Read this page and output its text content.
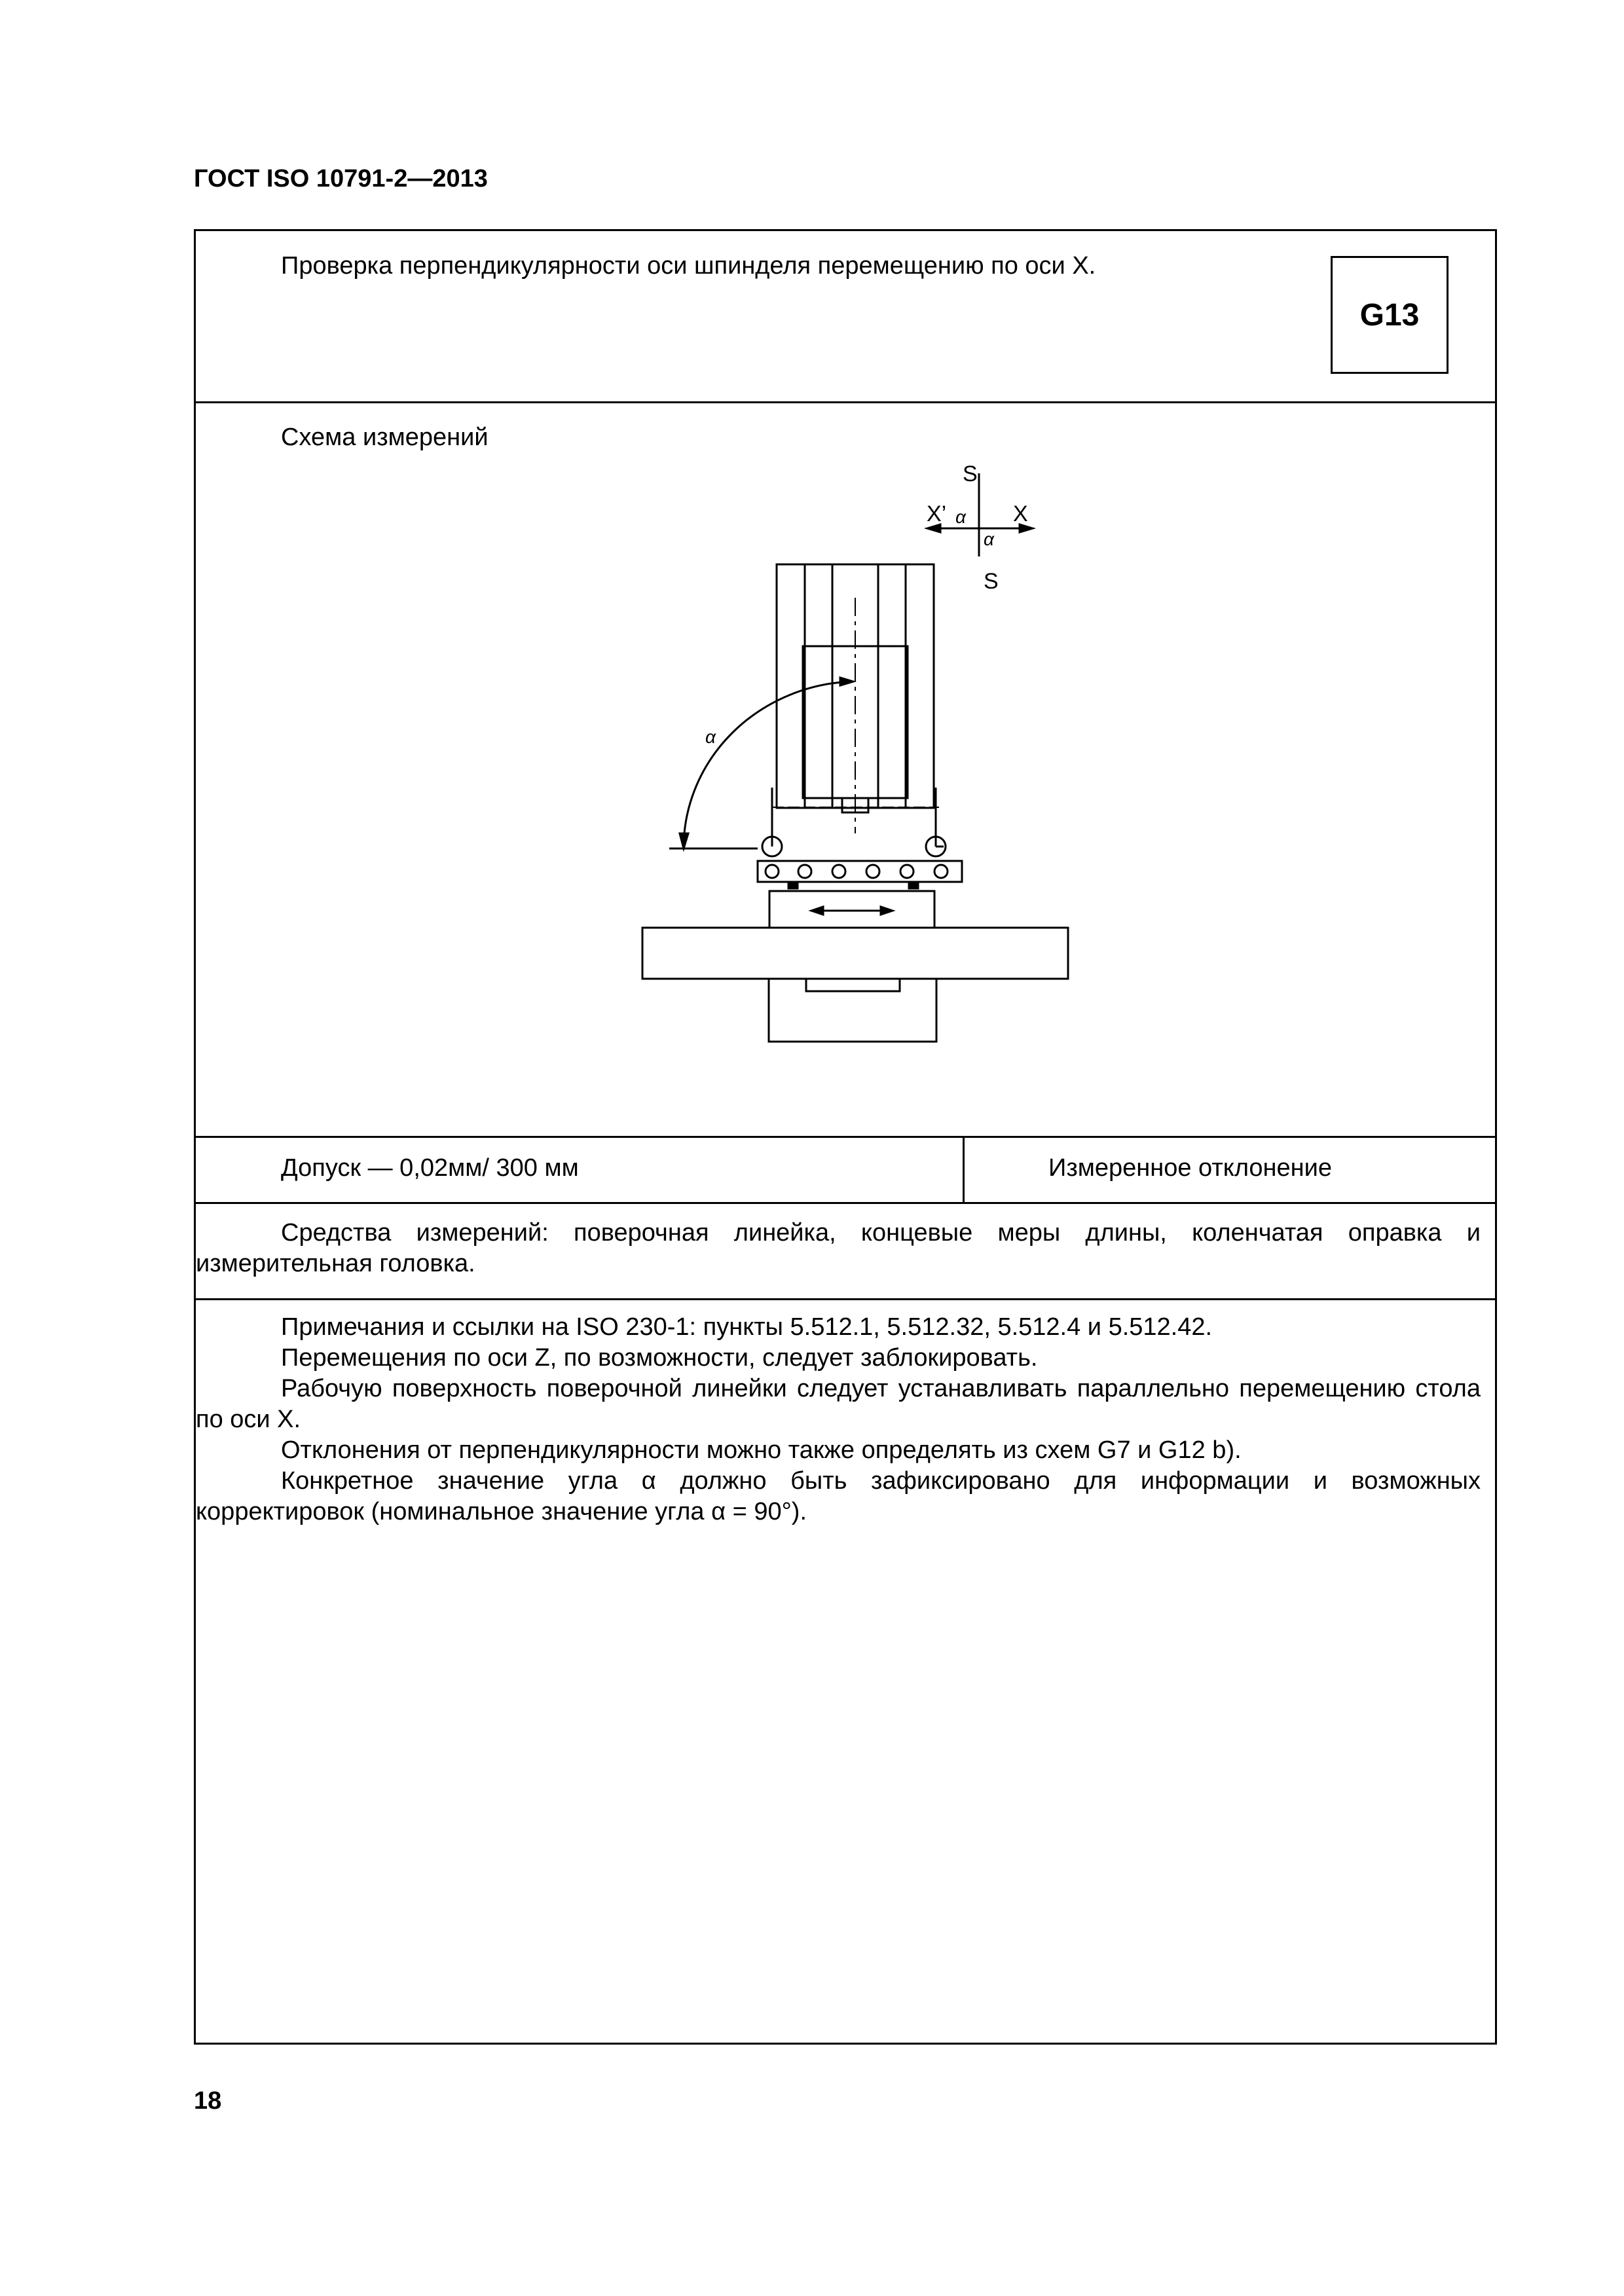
ГОСТ ISO 10791-2—2013
Проверка перпендикулярности оси шпинделя перемещению по оси X.
G13
Схема измерений
S
S
X’	X
α
α
α
Допуск — 0,02мм/ 300 мм	Измеренное отклонение

Средства измерений: поверочная линейка, концевые меры длины, коленчатая оправка и измерительная головка.

Примечания и ссылки на ISO 230-1: пункты 5.512.1, 5.512.32, 5.512.4 и 5.512.42.

Перемещения по оси Z, по возможности, следует заблокировать.

Рабочую поверхность поверочной линейки следует устанавливать параллельно перемещению стола по оси X.

Отклонения от перпендикулярности можно также определять из схем G7 и G12 b).

Конкретное значение угла α должно быть зафиксировано для информации и возможных корректировок (номинальное значение угла α = 90°).

18
